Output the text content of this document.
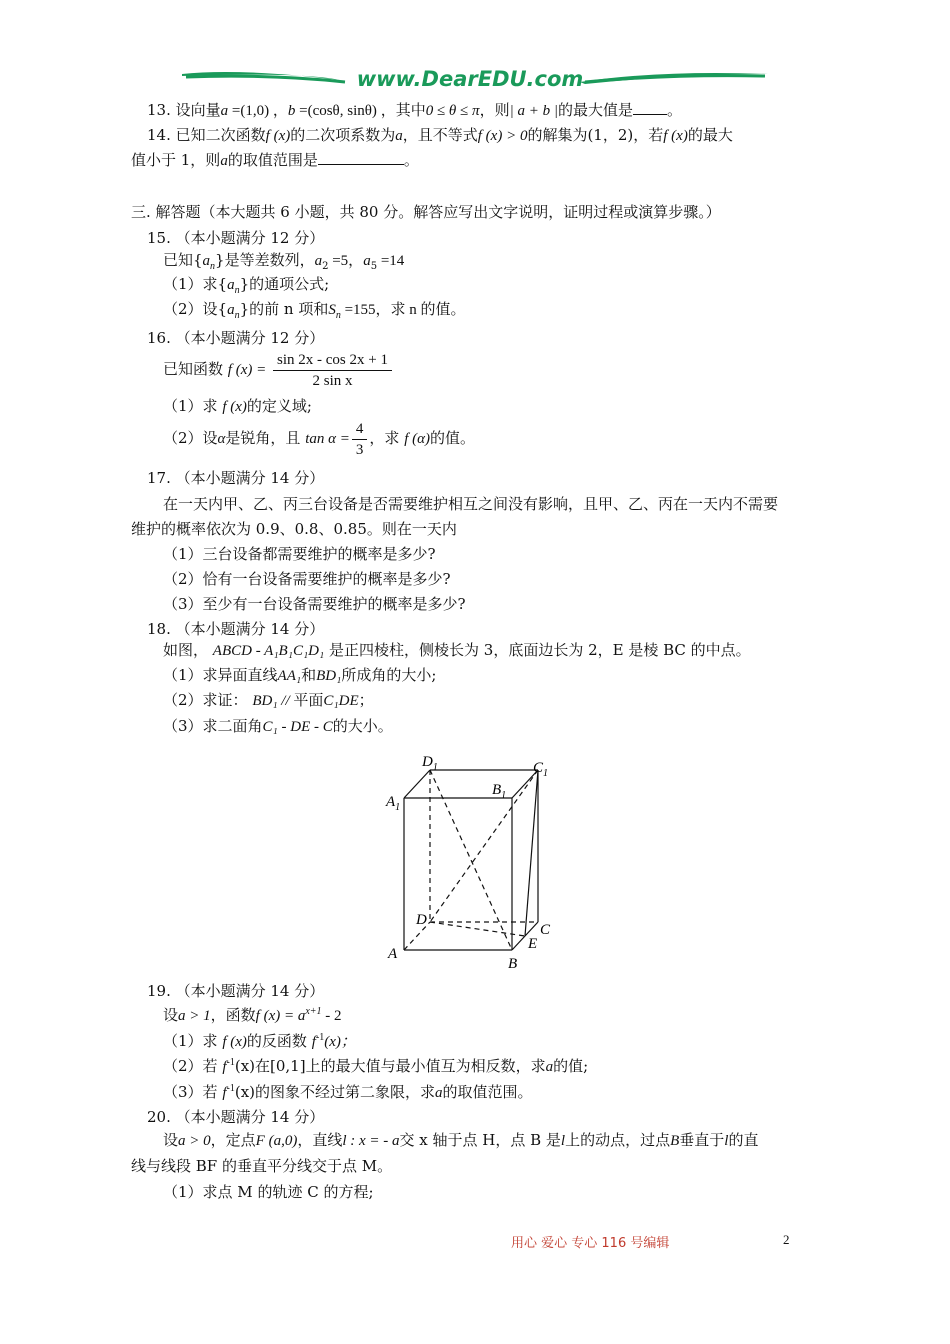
www.DearEDU.com
13. 设向量a =(1,0) ，b =(cosθ, sinθ) ，其中0 ≤ θ ≤ π，则| a + b |的最大值是 。
14. 已知二次函数f (x)的二次项系数为a，且不等式f (x) > 0的解集为(1，2)，若f (x)的最大
值小于 1，则a的取值范围是	。
三. 解答题（本大题共 6 小题，共 80 分。解答应写出文字说明，证明过程或演算步骤。）
15. （本小题满分 12 分）
已知$\{a_n\}$是等差数列，$a_2 =5$，$a_5 =14$
（1）求$\{a_n\}$的通项公式;
（2）设$\{a_n\}$的前 n 项和$S_n =155$，求 n 的值。
16. （本小题满分 12 分）
已知函数 f $(x) = \frac{\sin 2x - \cos 2x + 1}{\text{2 sin x}}$
（1）求 f (x)的定义域;
（2）设α是锐角，且 $\tan \alpha = \frac{4}{3}$ ，求 f (α)的值。
17. （本小题满分 14 分）
在一天内甲、乙、丙三台设备是否需要维护相互之间没有影响，且甲、乙、丙在一天内不需要
维护的概率依次为 0.9、0.8、0.85。则在一天内
（1）三台设备都需要维护的概率是多少?
（2）恰有一台设备需要维护的概率是多少?
（3）至少有一台设备需要维护的概率是多少?
18. （本小题满分 14 分）
如图， ABCD - A₁B₁C₁D₁ 是正四棱柱，侧棱长为 3，底面边长为 2，E 是棱 BC 的中点。
（1）求异面直线AA₁和BD₁所成角的大小;
（2）求证： BD₁ // 平面C₁DE；
（3）求二面角C₁ - DE - C的大小。
$D_1$	$C_1$
$B_1$
$A_1$
D
C
E
A
B
19. （本小题满分 14 分）
设a > 1，函数f $(x) = a^{x+1} - 2$
（1）求 f (x)的反函数 $f^{-1}(x)$；
（2）若 $f^{-1}(x)$在[0,1]上的最大值与最小值互为相反数，求a的值;
（3）若 $f^{-1}(x)$的图象不经过第二象限，求a的取值范围。
20. （本小题满分 14 分）
设a > 0，定点F (a,0)，直线l : x = - a交 x 轴于点 H，点 B 是l上的动点，过点B垂直于l的直
线与线段 BF 的垂直平分线交于点 M。
（1）求点 M 的轨迹 C 的方程;
用心 爱心 专心 116 号编辑	2
